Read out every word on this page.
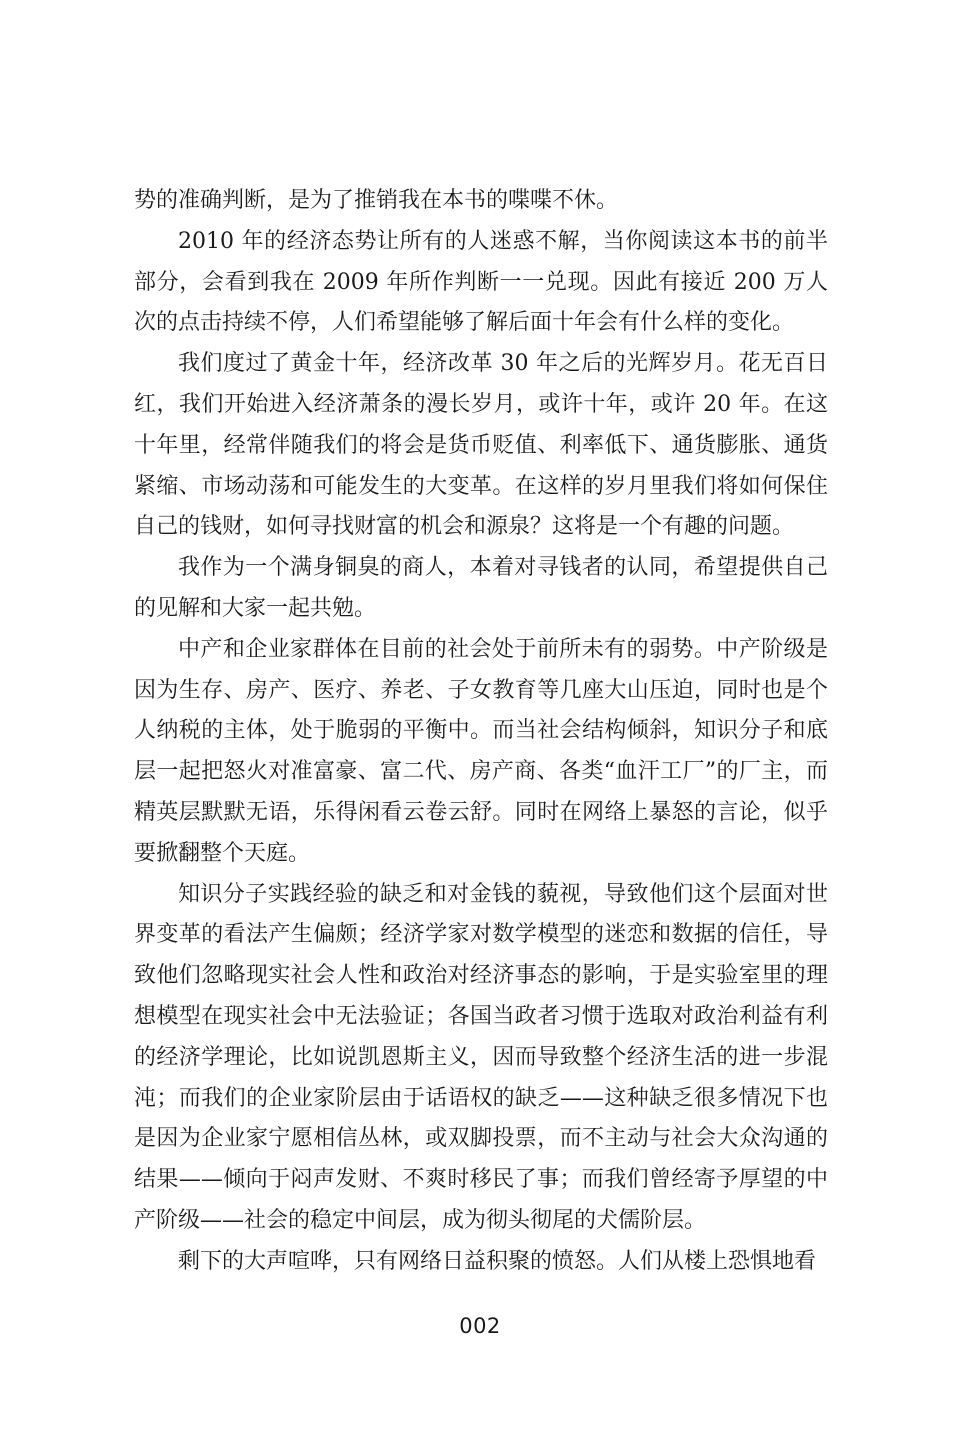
势的准确判断，是为了推销我在本书的喋喋不休。

2010 年的经济态势让所有的人迷惑不解，当你阅读这本书的前半部分，会看到我在 2009 年所作判断一一兑现。因此有接近 200 万人次的点击持续不停，人们希望能够了解后面十年会有什么样的变化。

我们度过了黄金十年，经济改革 30 年之后的光辉岁月。花无百日红，我们开始进入经济萧条的漫长岁月，或许十年，或许 20 年。在这十年里，经常伴随我们的将会是货币贬值、利率低下、通货膨胀、通货紧缩、市场动荡和可能发生的大变革。在这样的岁月里我们将如何保住自己的钱财，如何寻找财富的机会和源泉？这将是一个有趣的问题。

我作为一个满身铜臭的商人，本着对寻钱者的认同，希望提供自己的见解和大家一起共勉。

中产和企业家群体在目前的社会处于前所未有的弱势。中产阶级是因为生存、房产、医疗、养老、子女教育等几座大山压迫，同时也是个人纳税的主体，处于脆弱的平衡中。而当社会结构倾斜，知识分子和底层一起把怒火对准富豪、富二代、房产商、各类“血汗工厂”的厂主，而精英层默默无语，乐得闲看云卷云舒。同时在网络上暴怒的言论，似乎要掀翻整个天庭。

知识分子实践经验的缺乏和对金钱的藐视，导致他们这个层面对世界变革的看法产生偏颇；经济学家对数学模型的迷恋和数据的信任，导致他们忽略现实社会人性和政治对经济事态的影响，于是实验室里的理想模型在现实社会中无法验证；各国当政者习惯于选取对政治利益有利的经济学理论，比如说凯恩斯主义，因而导致整个经济生活的进一步混沌；而我们的企业家阶层由于话语权的缺乏——这种缺乏很多情况下也是因为企业家宁愿相信丛林，或双脚投票，而不主动与社会大众沟通的结果——倾向于闷声发财、不爽时移民了事；而我们曾经寄予厚望的中产阶级——社会的稳定中间层，成为彻头彻尾的犬儒阶层。

剩下的大声喧哗，只有网络日益积聚的愤怒。人们从楼上恐惧地看

002
